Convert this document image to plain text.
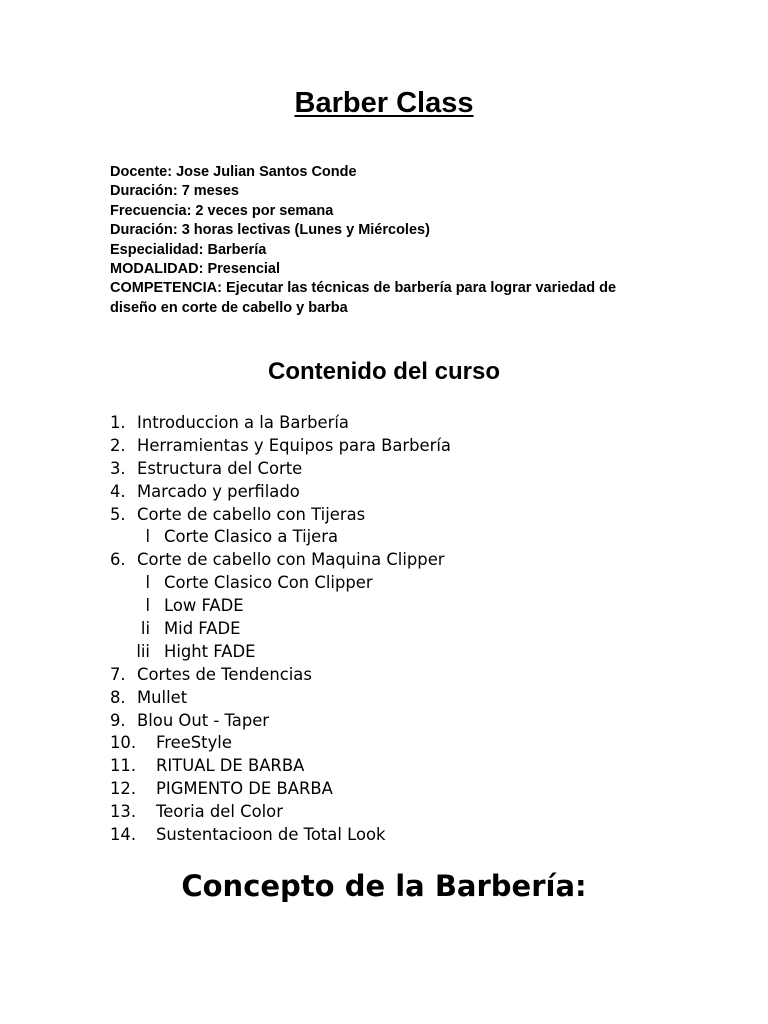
Barber Class
Docente: Jose Julian Santos Conde
Duración: 7 meses
Frecuencia: 2 veces por semana
Duración: 3 horas lectivas (Lunes y Miércoles)
Especialidad: Barbería
MODALIDAD: Presencial
COMPETENCIA: Ejecutar las técnicas de barbería para lograr variedad de
diseño en corte de cabello y barba
Contenido del curso
1. Introduccion a la Barbería
2. Herramientas y Equipos para Barbería
3. Estructura del Corte
4. Marcado y perfilado
5. Corte de cabello con Tijeras
l Corte Clasico a Tijera
6. Corte de cabello con Maquina Clipper
l Corte Clasico Con Clipper
l Low FADE
li Mid FADE
lii Hight FADE
7. Cortes de Tendencias
8. Mullet
9. Blou Out - Taper
10. FreeStyle
11. RITUAL DE BARBA
12. PIGMENTO DE BARBA
13. Teoria del Color
14. Sustentacioon de Total Look
Concepto de la Barbería:
